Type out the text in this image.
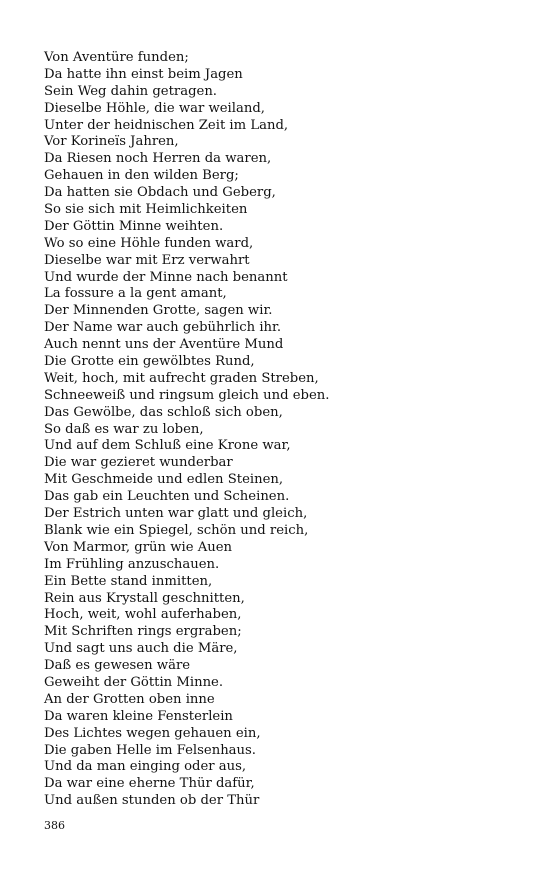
Von Aventüre funden;
Da hatte ihn einst beim Jagen
Sein Weg dahin getragen.
Dieselbe Höhle, die war weiland,
Unter der heidnischen Zeit im Land,
Vor Korineïs Jahren,
Da Riesen noch Herren da waren,
Gehauen in den wilden Berg;
Da hatten sie Obdach und Geberg,
So sie sich mit Heimlichkeiten
Der Göttin Minne weihten.
Wo so eine Höhle funden ward,
Dieselbe war mit Erz verwahrt
Und wurde der Minne nach benannt
La fossure a la gent amant,
Der Minnenden Grotte, sagen wir.
Der Name war auch gebührlich ihr.
Auch nennt uns der Aventüre Mund
Die Grotte ein gewölbtes Rund,
Weit, hoch, mit aufrecht graden Streben,
Schneeweiß und ringsum gleich und eben.
Das Gewölbe, das schloß sich oben,
So daß es war zu loben,
Und auf dem Schluß eine Krone war,
Die war gezieret wunderbar
Mit Geschmeide und edlen Steinen,
Das gab ein Leuchten und Scheinen.
Der Estrich unten war glatt und gleich,
Blank wie ein Spiegel, schön und reich,
Von Marmor, grün wie Auen
Im Frühling anzuschauen.
Ein Bette stand inmitten,
Rein aus Krystall geschnitten,
Hoch, weit, wohl auferhaben,
Mit Schriften rings ergraben;
Und sagt uns auch die Märe,
Daß es gewesen wäre
Geweiht der Göttin Minne.
An der Grotten oben inne
Da waren kleine Fensterlein
Des Lichtes wegen gehauen ein,
Die gaben Helle im Felsenhaus.
Und da man einging oder aus,
Da war eine eherne Thür dafür,
Und außen stunden ob der Thür
386
